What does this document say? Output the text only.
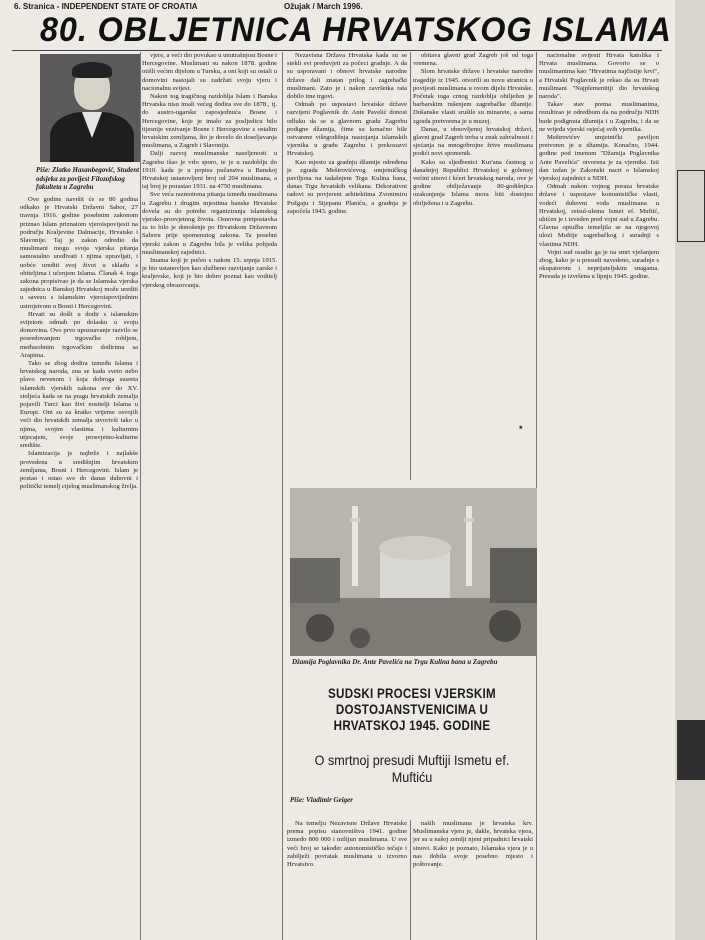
6. Stranica - INDEPENDENT STATE OF CROATIA	Ožujak / March 1996.
80. OBLJETNICA HRVATSKOG ISLAMA
Piše: Zlatko Hasanbegović, Student odsjeka za povijest Filozofskog fakulteta u Zagrebu

Ove godine navršit će se 80 godina odkako je Hrvatski Državni Sabor, 27 travnja 1916. godine posebnim zakonom priznao Islam priznatom vjeroispovijesti na području Kraljevine Dalmacije, Hrvatske i Slavonije. Taj je zakon odredio da muslimani mogu svoja vjerska pitanja samostalno uređivati i njima upravljati, i uobće urediti svoj život u skladu s obiteljima i učenjem Islama. Članak 4. toga zakona propisivao je da se Islamska vjerska zajednica u Banskoj Hrvatskoj može urediti u savezu s islamskim vjeroispovijednim ustrojstvom u Bosni i Hercegovini.

Hrvati su došli u dodir s islamskim svijetom odmah po dolasku u svoju domovinu. Ovo prvo upoznavanje razvilo se posredovanjem trgovačke robljem, međusobnim trgovačkim dodirima sa Arapima.

Tako se zbog dodira između Islama i hrvatskog naroda, zna se kada sveto nebo plavo nevenom i koja dobroga susreta islamskih vjerskih zakona sve do XV. stoljeća kada se na pragu hrvatskih zemalja pojavili Turci kao živi nositelji Islama u Europi. Oni su za kratko vrijeme osvojili veći dio hrvatskih zemalja stvorivši tako u njima, svojim vlastima i kulturnim utjecajem, svoje prosvjetno-kulturne središte.

Islamizacija je najbrže i najlakše provedena u središnjim hrvatskim zemljama, Bosni i Hercegovini. Islam je postao i ostao sve do danas duhovni i politički temelj cijelog muslimanskog življa.

vjere, a veći dio povukao u unutrašnjost Bosne i Hercegovine. Muslimani su nakon 1878. godine otišli većim dijelom u Tursku, a oni koji su ostali u domovini nastojali su zadržati svoju vjeru i nacionalnu svijest.

Nakon tog tragičnog razdoblja Islam i Banska Hrvatska nisu imali većeg dodira sve do 1878., tj. do austro-ugarske zaposjednuća Bosne i Hercegovine, koje je imalo za posljedicu bilo tijesnije vezivanje Bosne i Hercegovine s ostalim hrvatskim zemljama, što je dovelo do doseljavanja muslimana, u Zagreb i Slavoniju.

Dalji razvoj muslimanske naseljenosti u Zagrebu išao je vrlo sporo, te je u razdoblju do 1910. kada je u popisu pučanstva u Banskoj Hrvatskoj ustanovljeni broj od 204 muslimana, a taj broj je porastao 1931. na 4750 muslimana.

Sve veća razmotrena pitanja između muslimana u Zagrebu i drugim mjestima banske Hrvatske dovela su do potrebe organiziranja islamskog vjersko-prosvjetnog života. Osnovna pretpostavka za to bilo je donošenje po Hrvatskom Državnom Saboru prije spomenutog zakona. Ta posebni vjerski zakon u Zagrebu bila je velika pobjeda muslimanskoj zajednici.

Imama koji je počeo s radom 15. srpnja 1915. je bio ustanovljen kao službeno razvijanje carske i kraljevske, koji je bio dobro poznat kao voditelj vjerskog obrazovanja.

Nezavisna Država Hrvatska kada su se stekli svi preduvjeti za počeci gradnje. A da su usporavani i obnovi hrvatske narodne države dali znatan prilog i zagrebački muslimani. Zato je i nakon završetka rata dobilo ime trgovi.

Odmah po uspostavi hrvatske države razvijeni Poglavnik dr. Ante Pavelić donosi odluku da se u glavnom gradu Zagrebu podigne džamija, čime su konačno bile ostvarene višegodišnja nastojanja islamskih vjernika u gradu Zagrebu i prekozazvi Hrvatskoj.

Kao mjesto za gradnju džamije određena je zgrada Meštrovićevog umjetničkog paviljona na tadašnjem Trgu Kulina bana, danas Trgu hrvatskih velikana. Dekorativni radovi su povjereni arhitektima Zvonimiru Požgaju i Stjepanu Planiću, a gradnja je započela 1943. godine.

obitava glavni grad Zagreb još od toga vremena.

Slom hrvatske države i hrvatske narodne tragedije iz 1945. otvorili su novu stranicu u povijesti muslimana u ovom dijelu Hrvatske. Početak toga crnog razdoblja obilježen je barbarskim rušenjem zagrebačke džamije. Dušanske vlasti srušile su minarete, a sama zgrada pretvorena je u muzej.

Danas, u obnovljenoj hrvatskoj državi, glavni grad Zagreb treba u znak zahvalnosti i sjećanja na mnogobrojne žrtve muslimana podići novi spomenik.

Kako su sljedbenici Kur'ana častnog u današnjoj Republici Hrvatskoj u golemoj većini sinovi i kćeri hrvatskog naroda, ove je godine obilježavanje 80-godišnjica ozakonjenja Islama mora biti dostojno obilježena i u Zagrebu.

*

nacionalne svijesti Hrvata katolika i Hrvata muslimana. Govorio se o muslimanima kao "Hrvatima najčistije krvi", a Hrvatski Poglavnik je rekao da su Hrvati muslimani "Najplemenitiji dio hrvatskog naroda".

Takav stav prema muslimanima, rezultirao je odredbom da na području NDH bude podignuta džamija i u Zagrebu, i da se ne vrijeđa vjerski osjećaj svih vjernika.

Meštrovićev umjetnički paviljon pretvoren je u džamiju. Konačno, 1944. godine pod imenom "Džamija Poglavnika Ante Pavelića" otvorena je za vjernike. Isti dan izdan je Zakonski nacrt o Islamskoj vjerskoj zajednici u NDH.

Odmah nakon vojnog poraza hrvatske države i uspostave komunističke vlasti, vodeći duhovni vođa muslimana u Hrvatskoj, reisul-ulema Ismet ef. Muftić, uhićen je i izveden pred vojni sud u Zagrebu. Glavna optužba temeljila se na njegovoj ulozi Muftije zagrebačkog i suradnji s vlastima NDH.

Vojni sud osudio ga je na smrt vješanjem zbog, kako je u presudi navedeno, suradnje s okupatorom i neprijateljskim snagama. Presuda je izvršena u lipnju 1945. godine.

Džamija Poglavnika Dr. Ante Pavelića na Trgu Kulina bana u Zagrebu
SUDSKI PROCESI VJERSKIM DOSTOJANSTVENICIMA U HRVATSKOJ 1945. GODINE
O smrtnoj presudi Muftiji Ismetu ef. Muftiću
Piše: Vladimir Geiger

Na temelju Nezavisne Države Hrvatske prema popisu stanovništva 1941. godine izmeđo 800 000 i milijun muslimana. U sve veći broj se također autonomističko tečaje i zabilježi povratak muslimana u izvorno Hrvatstvo.

naših muslimana je hrvatska krv. Muslimanska vjera je, dakle, hrvatska vjera, jer su u našoj zemlji njeni pripadnici hrvatski sinovi. Kako je poznato, Islamska vjera je u nas dobila svoje posebno mjesto i poštovanje.
